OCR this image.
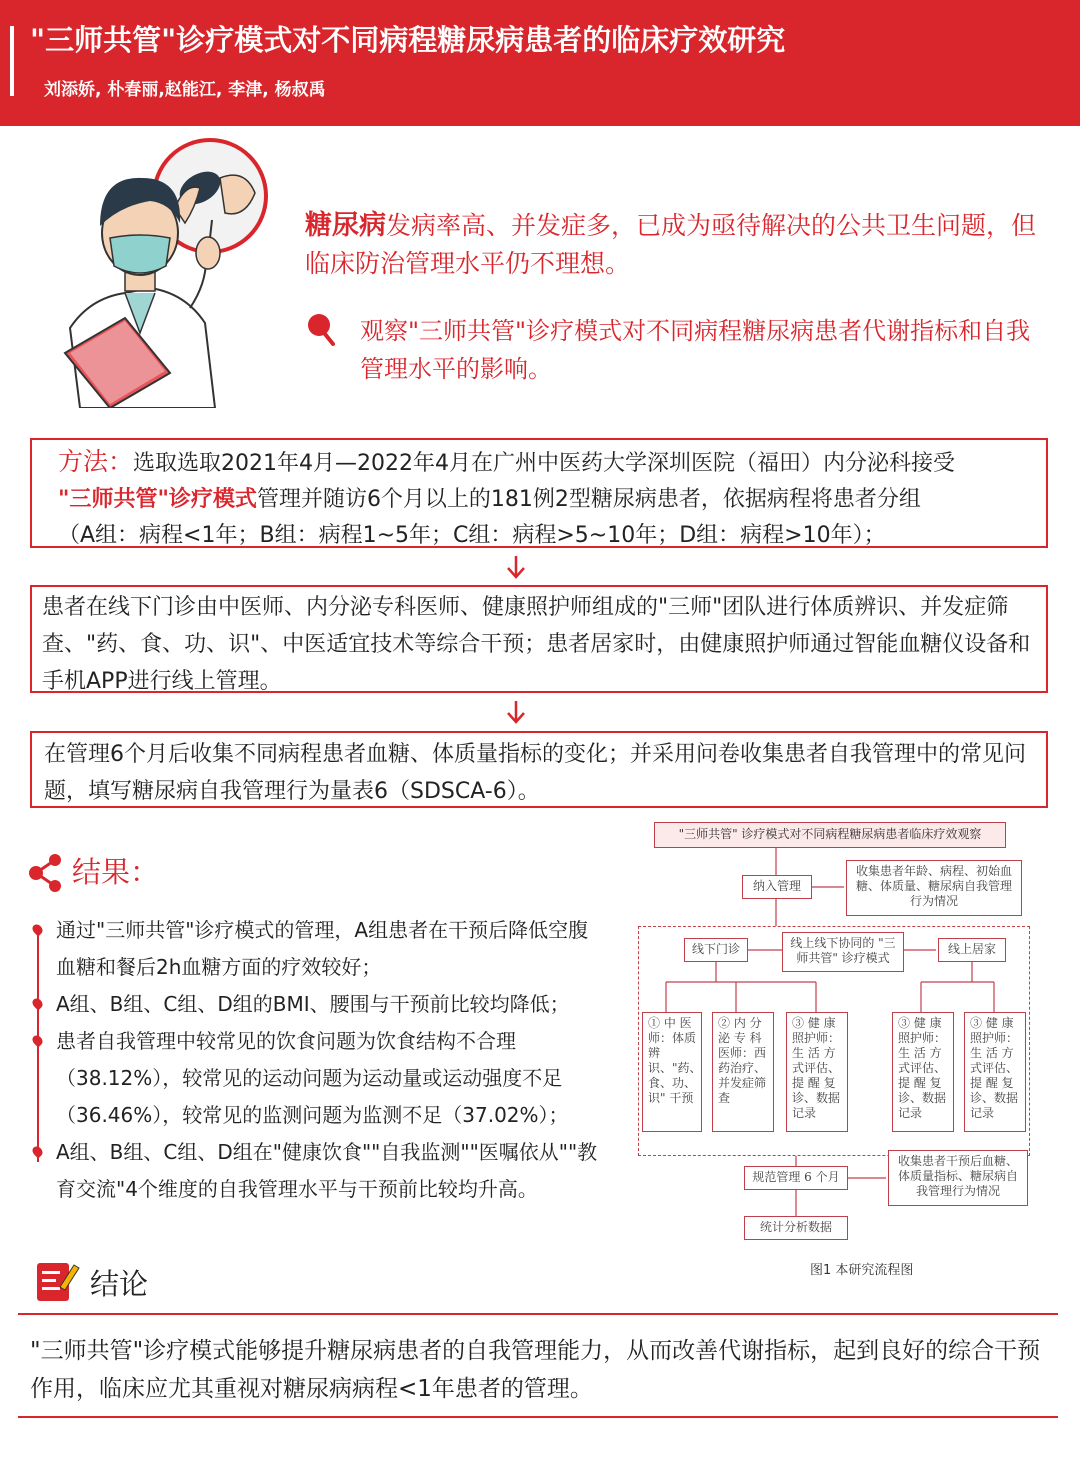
"三师共管"诊疗模式对不同病程糖尿病患者的临床疗效研究
刘添娇, 朴春丽,赵能江, 李津, 杨叔禹
糖尿病发病率高、并发症多，已成为亟待解决的公共卫生问题，但临床防治管理水平仍不理想。
观察"三师共管"诊疗模式对不同病程糖尿病患者代谢指标和自我管理水平的影响。
方法：选取选取2021年4月—2022年4月在广州中医药大学深圳医院（福田）内分泌科接受
"三师共管"诊疗模式管理并随访6个月以上的181例2型糖尿病患者，依据病程将患者分组
（A组：病程<1年；B组：病程1~5年；C组：病程>5~10年；D组：病程>10年）；
患者在线下门诊由中医师、内分泌专科医师、健康照护师组成的"三师"团队进行体质辨识、并发症筛查、"药、食、功、识"、中医适宜技术等综合干预；患者居家时，由健康照护师通过智能血糖仪设备和手机APP进行线上管理。
在管理6个月后收集不同病程患者血糖、体质量指标的变化；并采用问卷收集患者自我管理中的常见问题，填写糖尿病自我管理行为量表6（SDSCA-6）。
结果：
通过"三师共管"诊疗模式的管理，A组患者在干预后降低空腹血糖和餐后2h血糖方面的疗效较好；
A组、B组、C组、D组的BMI、腰围与干预前比较均降低；
患者自我管理中较常见的饮食问题为饮食结构不合理（38.12%），较常见的运动问题为运动量或运动强度不足（36.46%），较常见的监测问题为监测不足（37.02%）；
A组、B组、C组、D组在"健康饮食""自我监测""医嘱依从""教育交流"4个维度的自我管理水平与干预前比较均升高。
"三师共管" 诊疗模式对不同病程糖尿病患者临床疗效观察
纳入管理
收集患者年龄、病程、初始血糖、体质量、糖尿病自我管理行为情况
线下门诊	线上线下协同的 "三师共管" 诊疗模式
线上居家
① 中 医 师：体质辨识、"药、食、功、识" 干预
② 内 分 泌 专 科 医师：西药治疗、并发症筛查
③ 健 康 照护师：生 活 方 式评估、提 醒 复 诊、数据记录
③ 健 康 照护师：生 活 方 式评估、提 醒 复 诊、数据记录
③ 健 康 照护师：生 活 方 式评估、提 醒 复 诊、数据记录
规范管理 6 个月
收集患者干预后血糖、体质量指标、糖尿病自我管理行为情况
统计分析数据
图1 本研究流程图
结论
"三师共管"诊疗模式能够提升糖尿病患者的自我管理能力，从而改善代谢指标，起到良好的综合干预作用，临床应尤其重视对糖尿病病程<1年患者的管理。
